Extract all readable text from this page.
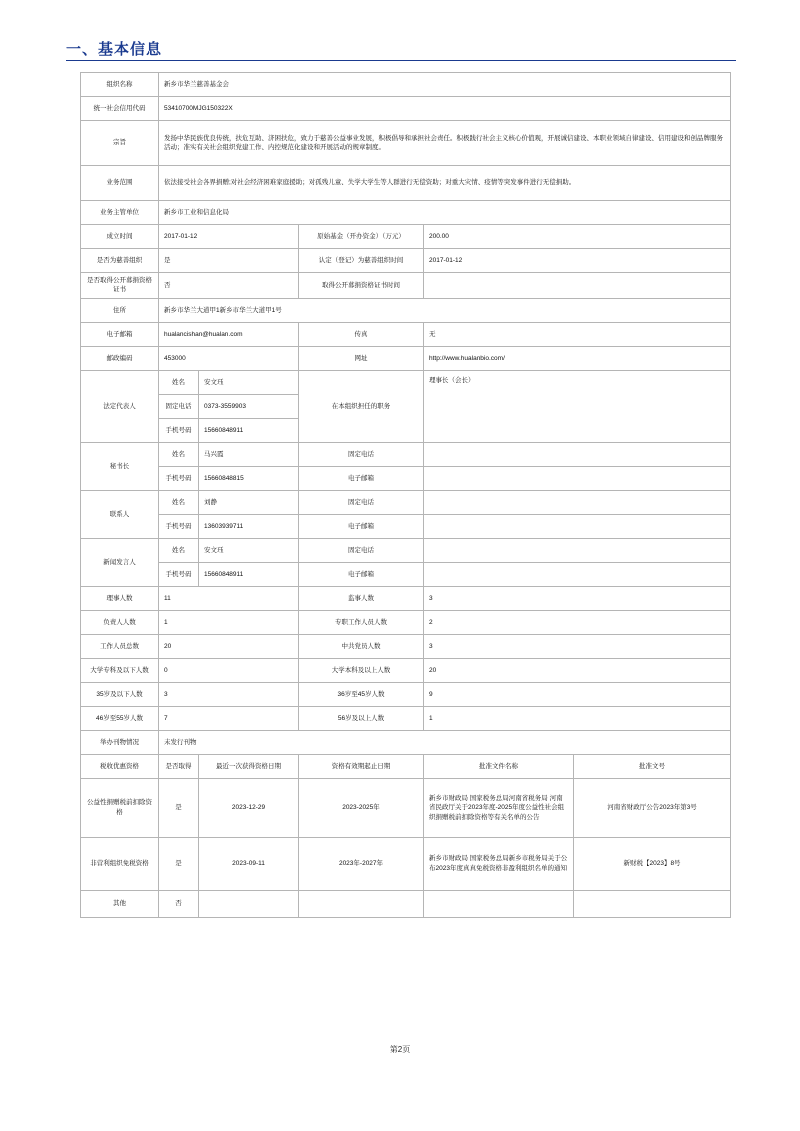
一、基本信息
组织名称	新乡市华兰慈善基金会				
统一社会信用代码	53410700MJG150322X				
宗旨	发扬中华民族优良传统，扶危互助、济困扶危，致力于慈善公益事业发展，积极倡导和承担社会责任。积极践行社会主义核心价值观，开展诚信建设、本职业领域自律建设、信用建设和创品牌服务活动；准实有关社会组织党建工作、内控规范化建设和开展活动的规章制度。				
业务范围	依法接受社会各界捐赠;对社会经济困难家庭援助；对孤残儿童、失学大学生等人群进行无偿资助；对重大灾情、疫情等突发事件进行无偿捐助。				
业务主管单位	新乡市工业和信息化局				
成立时间	2017-01-12		原始基金（开办资金）（万元）	200.00	
是否为慈善组织	是		认定（登记）为慈善组织时间	2017-01-12	
是否取得公开募捐资格证书	否		取得公开募捐资格证书时间		
住所	新乡市华兰大道甲1新乡市华兰大道甲1号				
电子邮箱	hualancishan@hualan.com		传真	无	
邮政编码	453000		网址	http://www.hualanbio.com/	
法定代表人	姓名	安文珏	在本组织担任的职务	理事长（会长）	
	固定电话	0373-3559903			
	手机号码	15660848911			
秘书长	姓名	马兴霞	固定电话		
	手机号码	15660848815	电子邮箱		
联系人	姓名	刘静	固定电话		
	手机号码	13603939711	电子邮箱		
新闻发言人	姓名	安文珏	固定电话		
	手机号码	15660848911	电子邮箱		
理事人数	11		监事人数	3	
负责人人数	1		专职工作人员人数	2	
工作人员总数	20		中共党员人数	3	
大学专科及以下人数	0		大学本科及以上人数	20	
35岁及以下人数	3		36岁至45岁人数	9	
46岁至55岁人数	7		56岁及以上人数	1	
举办刊物情况	未发行刊物				
税收优惠资格	是否取得	最近一次获得资格日期	资格有效期起止日期	批准文件名称	批准文号
公益性捐赠税前扣除资格	是	2023-12-29	2023-2025年	新乡市财政局 国家税务总局河南省税务局 河南省民政厅关于2023年度-2025年度公益性社会组织捐赠税前扣除资格等有关名单的公告	河南省财政厅公告2023年第3号
非营利组织免税资格	是	2023-09-11	2023年-2027年	新乡市财政局 国家税务总局新乡市税务局关于公布2023年度真真免税资格非盈利组织名单的通知	新财税【2023】8号
其他	否				
第2页
